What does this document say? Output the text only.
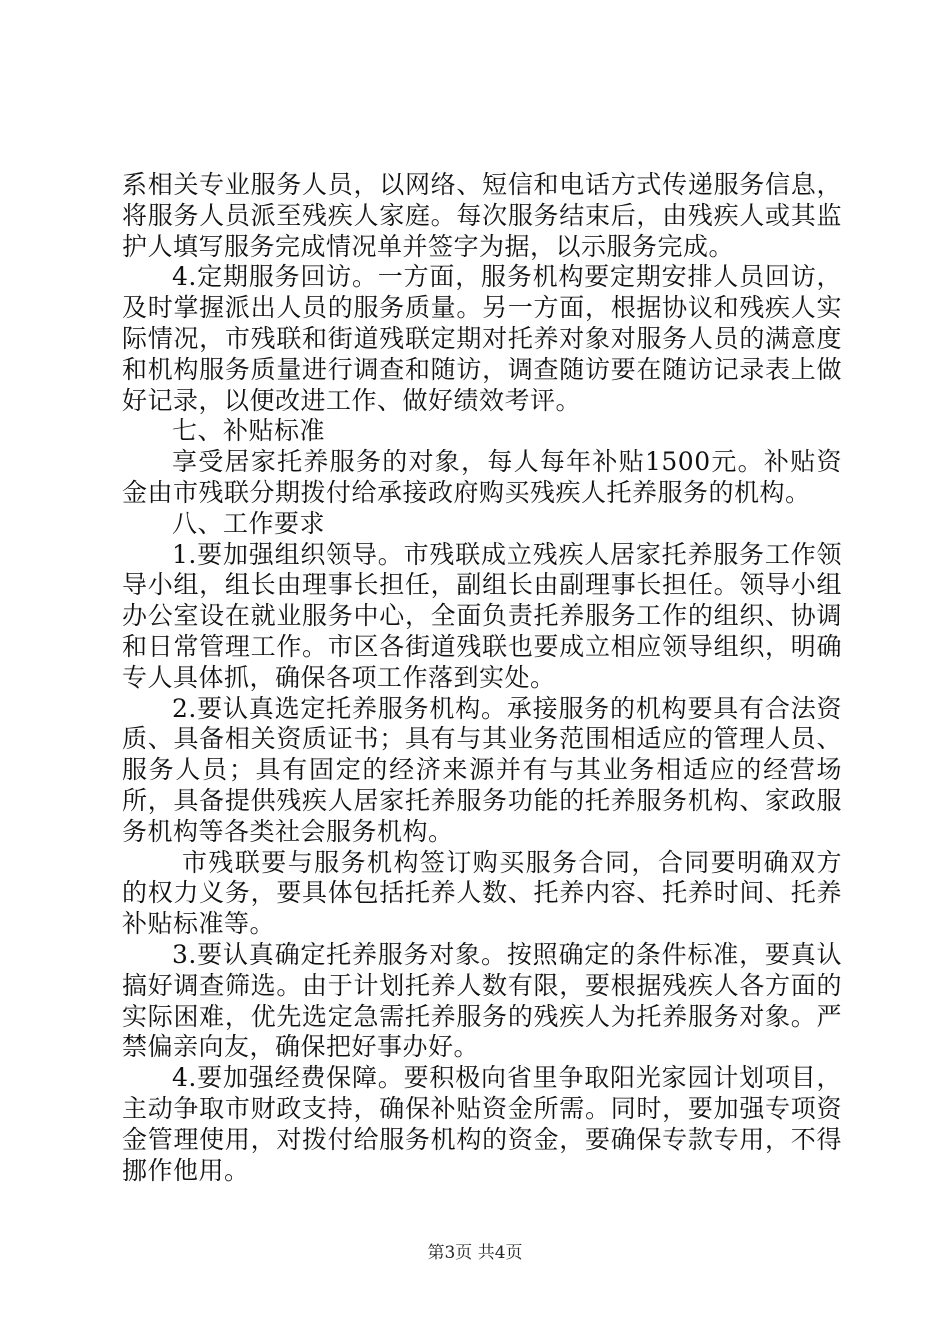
系相关专业服务人员，以网络、短信和电话方式传递服务信息，将服务人员派至残疾人家庭。每次服务结束后，由残疾人或其监护人填写服务完成情况单并签字为据，以示服务完成。

4.定期服务回访。一方面，服务机构要定期安排人员回访，及时掌握派出人员的服务质量。另一方面，根据协议和残疾人实际情况，市残联和街道残联定期对托养对象对服务人员的满意度和机构服务质量进行调查和随访，调查随访要在随访记录表上做好记录，以便改进工作、做好绩效考评。

七、补贴标准

享受居家托养服务的对象，每人每年补贴1500元。补贴资金由市残联分期拨付给承接政府购买残疾人托养服务的机构。

八、工作要求

1.要加强组织领导。市残联成立残疾人居家托养服务工作领导小组，组长由理事长担任，副组长由副理事长担任。领导小组办公室设在就业服务中心，全面负责托养服务工作的组织、协调和日常管理工作。市区各街道残联也要成立相应领导组织，明确专人具体抓，确保各项工作落到实处。

2.要认真选定托养服务机构。承接服务的机构要具有合法资质、具备相关资质证书；具有与其业务范围相适应的管理人员、服务人员；具有固定的经济来源并有与其业务相适应的经营场所，具备提供残疾人居家托养服务功能的托养服务机构、家政服务机构等各类社会服务机构。

市残联要与服务机构签订购买服务合同，合同要明确双方的权力义务，要具体包括托养人数、托养内容、托养时间、托养补贴标准等。

3.要认真确定托养服务对象。按照确定的条件标准，要真认搞好调查筛选。由于计划托养人数有限，要根据残疾人各方面的实际困难，优先选定急需托养服务的残疾人为托养服务对象。严禁偏亲向友，确保把好事办好。

4.要加强经费保障。要积极向省里争取阳光家园计划项目，主动争取市财政支持，确保补贴资金所需。同时，要加强专项资金管理使用，对拨付给服务机构的资金，要确保专款专用，不得挪作他用。

第3页 共4页
